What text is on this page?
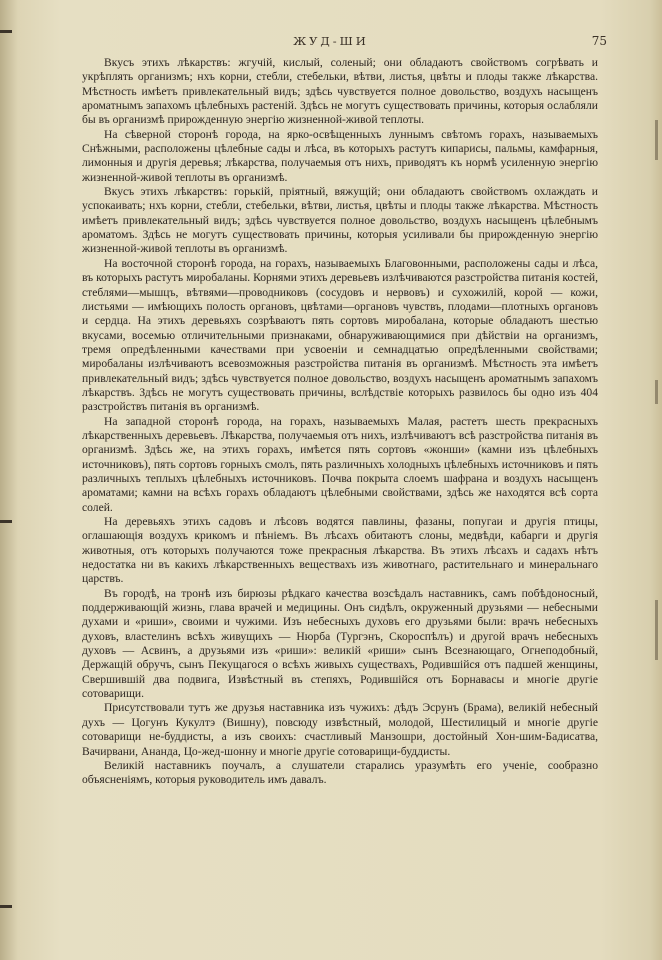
ЖУД-ШИ	75

Вкусъ этихъ лѣкарствъ: жгучій, кислый, соленый; они обладаютъ свойствомъ согрѣвать и укрѣплять организмъ; нхъ корни, стебли, стебельки, вѣтви, листья, цвѣты и плоды также лѣкарства. Мѣстность имѣетъ привлекательный видъ; здѣсь чувствуется полное довольство, воздухъ насыщенъ ароматнымъ запахомъ цѣлебныхъ растеній. Здѣсь не могутъ существовать причины, которыя ослабляли бы въ организмѣ прирожденную энергію жизненной-живой теплоты.

На сѣверной сторонѣ города, на ярко-освѣщенныхъ луннымъ свѣтомъ горахъ, называемыхъ Снѣжными, расположены цѣлебные сады и лѣса, въ которыхъ растутъ кипарисы, пальмы, камфарныя, лимонныя и другія деревья; лѣкарства, получаемыя отъ нихъ, приводятъ къ нормѣ усиленную энергію жизненной-живой теплоты въ организмѣ.

Вкусъ этихъ лѣкарствъ: горькій, пріятный, вяжущій; они обладаютъ свойствомъ охлаждать и успокаивать; нхъ корни, стебли, стебельки, вѣтви, листья, цвѣты и плоды также лѣкарства. Мѣстность имѣетъ привлекательный видъ; здѣсь чувствуется полное довольство, воздухъ насыщенъ цѣлебнымъ ароматомъ. Здѣсь не могутъ существовать причины, которыя усиливали бы прирожденную энергію жизненной-живой теплоты въ организмѣ.

На восточной сторонѣ города, на горахъ, называемыхъ Благовонными, расположены сады и лѣса, въ которыхъ растутъ миробаланы. Корнями этихъ деревьевъ излѣчиваются разстройства питанія костей, стеблями—мышцъ, вѣтвями—проводниковъ (сосудовъ и нервовъ) и сухожилій, корой — кожи, листьями — имѣющихъ полость органовъ, цвѣтами—органовъ чувствъ, плодами—плотныхъ органовъ и сердца. На этихъ деревьяхъ созрѣваютъ пять сортовъ миробалана, которые обладаютъ шестью вкусами, восемью отличительными признаками, обнаруживающимися при дѣйствіи на организмъ, тремя опредѣленными качествами при усвоеніи и семнадцатью опредѣленными свойствами; миробаланы излѣчиваютъ всевозможныя разстройства питанія въ организмѣ. Мѣстность эта имѣетъ привлекательный видъ; здѣсь чувствуется полное довольство, воздухъ насыщенъ ароматнымъ запахомъ лѣкарствъ. Здѣсь не могутъ существовать причины, вслѣдствіе которыхъ развилось бы одно изъ 404 разстройствъ питанія въ организмѣ.

На западной сторонѣ города, на горахъ, называемыхъ Малая, растетъ шесть прекрасныхъ лѣкарственныхъ деревьевъ. Лѣкарства, получаемыя отъ нихъ, излѣчиваютъ всѣ разстройства питанія въ организмѣ. Здѣсь же, на этихъ горахъ, имѣется пять сортовъ «жонши» (камни изъ цѣлебныхъ источниковъ), пять сортовъ горныхъ смолъ, пять различныхъ холодныхъ цѣлебныхъ источниковъ и пять различныхъ теплыхъ цѣлебныхъ источниковъ. Почва покрыта слоемъ шафрана и воздухъ насыщенъ ароматами; камни на всѣхъ горахъ обладаютъ цѣлебными свойствами, здѣсь же находятся всѣ сорта солей.

На деревьяхъ этихъ садовъ и лѣсовъ водятся павлины, фазаны, попугаи и другія птицы, оглашающія воздухъ крикомъ и пѣніемъ. Въ лѣсахъ обитаютъ слоны, медвѣди, кабарги и другія животныя, отъ которыхъ получаются тоже прекрасныя лѣкарства. Въ этихъ лѣсахъ и садахъ нѣтъ недостатка ни въ какихъ лѣкарственныхъ веществахъ изъ животнаго, растительнаго и минеральнаго царствъ.

Въ городѣ, на тронѣ изъ бирюзы рѣдкаго качества возсѣдалъ наставникъ, самъ побѣдоносный, поддерживающій жизнь, глава врачей и медицины. Онъ сидѣлъ, окруженный друзьями — небесными духами и «риши», своими и чужими. Изъ небесныхъ духовъ его друзьями были: врачъ небесныхъ духовъ, властелинъ всѣхъ живущихъ — Нюрба (Тургэнъ, Скороспѣлъ) и другой врачъ небесныхъ духовъ — Асвинъ, а друзьями изъ «риши»: великій «риши» сынъ Всезнающаго, Огнеподобный, Держащій обручъ, сынъ Пекущагося о всѣхъ живыхъ существахъ, Родившійся отъ падшей женщины, Свершившій два подвига, Извѣстный въ степяхъ, Родившійся отъ Борнавасы и многіе другіе сотоварищи.

Присутствовали тутъ же друзья наставника изъ чужихъ: дѣдъ Эсрунъ (Брама), великій небесный духъ — Цогунъ Кукултэ (Вишну), повсюду извѣстный, молодой, Шестилицый и многіе другіе сотоварищи не-буддисты, а изъ своихъ: счастливый Манзошри, достойный Хон-шим-Бадисатва, Вачирвани, Ананда, Цо-жед-шонну и многіе другіе сотоварищи-буддисты.

Великій наставникъ поучалъ, а слушатели старались уразумѣть его ученіе, сообразно объясненіямъ, которыя руководитель имъ давалъ.
